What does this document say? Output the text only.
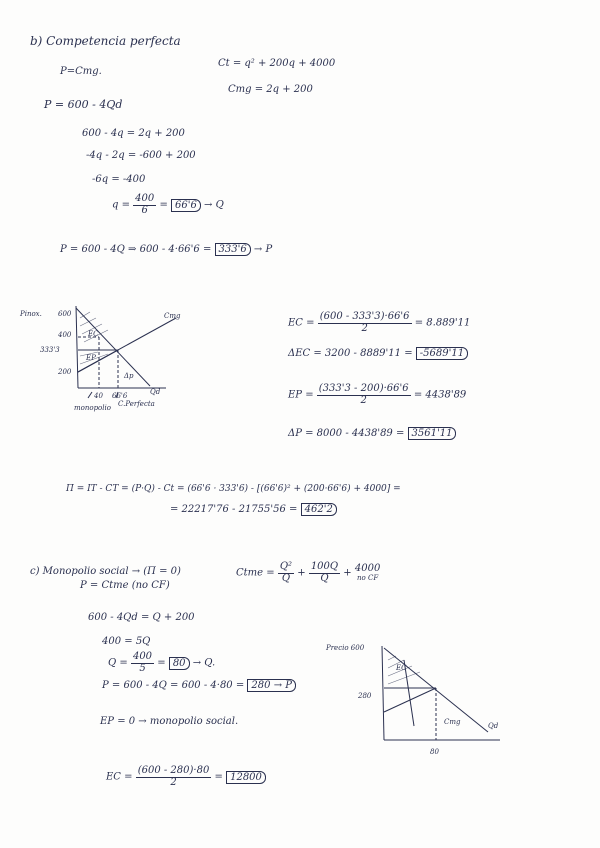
b) Competencia perfecta
P=Cmg.
Ct = q² + 200q + 4000
Cmg = 2q + 200
P = 600 - 4Qd
600 - 4q = 2q + 200
-4q - 2q = -600 + 200
-6q = -400
$q = \frac{400}{6} = 66'6 \to Q$
P = 600 - 4Q ⇒ 600 - 4·66'6 = 333'6 → P
Pinox. 600
400
333'3
200
Cmg
Qd
EC
EP
Δp
40 66'6
monopolio C.Perfecta
EC = $\frac{(600 - 333'3)\cdot 66'6}{2} = 8.889'11$
ΔEC = 3200 - 8889'11 = -5689'11
EP = $\frac{(333'3 - 200)\cdot 66'6}{2} = 4438'89$
ΔP = 8000 - 4438'89 = 3561'11
Π = IT - CT = (P·Q) - Ct = (66'6 · 333'6) - [(66'6)² + (200·66'6) + 4000] =
= 22217'76 - 21755'56 = 462'2
c) Monopolio social → (Π = 0)	Ctme = $\frac{\text{Q²}}{Q} + \frac{100Q}{Q} + 4000$
no CF
P = Ctme (no CF)
600 - 4Qd = Q + 200
400 = 5Q
$Q = \frac{400}{5} = 80 \to Q$.
P = 600 - 4Q = 600 - 4·80 = 280 → P
EP = 0 → monopolio social.
EC = $\frac{(600 - 280)\cdot 80}{2} = 12800$
Precio 600
280
EC
Cmg	Qd
80
